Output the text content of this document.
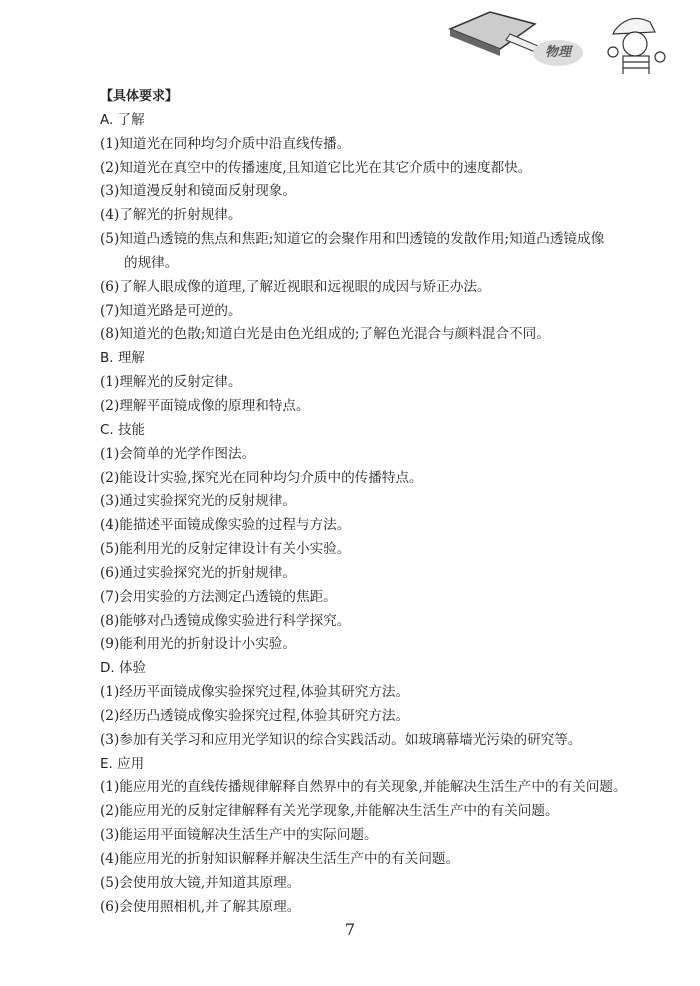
物理
【具体要求】
A. 了解
(1)知道光在同种均匀介质中沿直线传播。
(2)知道光在真空中的传播速度,且知道它比光在其它介质中的速度都快。
(3)知道漫反射和镜面反射现象。
(4)了解光的折射规律。
(5)知道凸透镜的焦点和焦距;知道它的会聚作用和凹透镜的发散作用;知道凸透镜成像
的规律。
(6)了解人眼成像的道理,了解近视眼和远视眼的成因与矫正办法。
(7)知道光路是可逆的。
(8)知道光的色散;知道白光是由色光组成的;了解色光混合与颜料混合不同。
B. 理解
(1)理解光的反射定律。
(2)理解平面镜成像的原理和特点。
C. 技能
(1)会简单的光学作图法。
(2)能设计实验,探究光在同种均匀介质中的传播特点。
(3)通过实验探究光的反射规律。
(4)能描述平面镜成像实验的过程与方法。
(5)能利用光的反射定律设计有关小实验。
(6)通过实验探究光的折射规律。
(7)会用实验的方法测定凸透镜的焦距。
(8)能够对凸透镜成像实验进行科学探究。
(9)能利用光的折射设计小实验。
D. 体验
(1)经历平面镜成像实验探究过程,体验其研究方法。
(2)经历凸透镜成像实验探究过程,体验其研究方法。
(3)参加有关学习和应用光学知识的综合实践活动。如玻璃幕墙光污染的研究等。
E. 应用
(1)能应用光的直线传播规律解释自然界中的有关现象,并能解决生活生产中的有关问题。
(2)能应用光的反射定律解释有关光学现象,并能解决生活生产中的有关问题。
(3)能运用平面镜解决生活生产中的实际问题。
(4)能应用光的折射知识解释并解决生活生产中的有关问题。
(5)会使用放大镜,并知道其原理。
(6)会使用照相机,并了解其原理。
7
